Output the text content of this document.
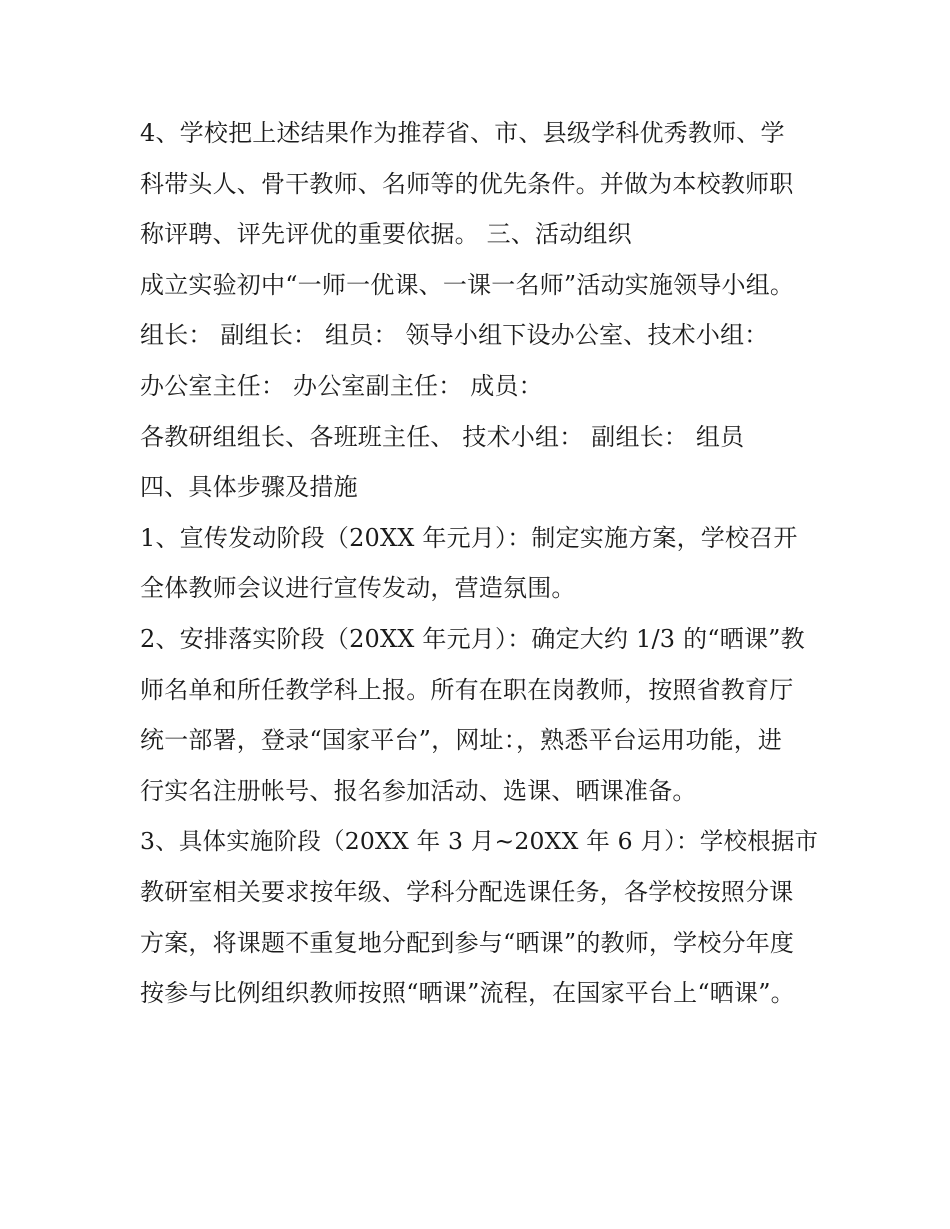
4、学校把上述结果作为推荐省、市、县级学科优秀教师、学
科带头人、骨干教师、名师等的优先条件。并做为本校教师职
称评聘、评先评优的重要依据。 三、活动组织
成立实验初中“一师一优课、一课一名师”活动实施领导小组。
组长： 副组长： 组员： 领导小组下设办公室、技术小组：
办公室主任： 办公室副主任： 成员：
各教研组组长、各班班主任、 技术小组： 副组长： 组员
四、具体步骤及措施
1、宣传发动阶段（20XX 年元月）：制定实施方案，学校召开
全体教师会议进行宣传发动，营造氛围。
2、安排落实阶段（20XX 年元月）：确定大约 1/3 的“晒课”教
师名单和所任教学科上报。所有在职在岗教师，按照省教育厅
统一部署，登录“国家平台”，网址：，熟悉平台运用功能，进
行实名注册帐号、报名参加活动、选课、晒课准备。
3、具体实施阶段（20XX 年 3 月~20XX 年 6 月）：学校根据市
教研室相关要求按年级、学科分配选课任务，各学校按照分课
方案，将课题不重复地分配到参与“晒课”的教师，学校分年度
按参与比例组织教师按照“晒课”流程，在国家平台上“晒课”。
